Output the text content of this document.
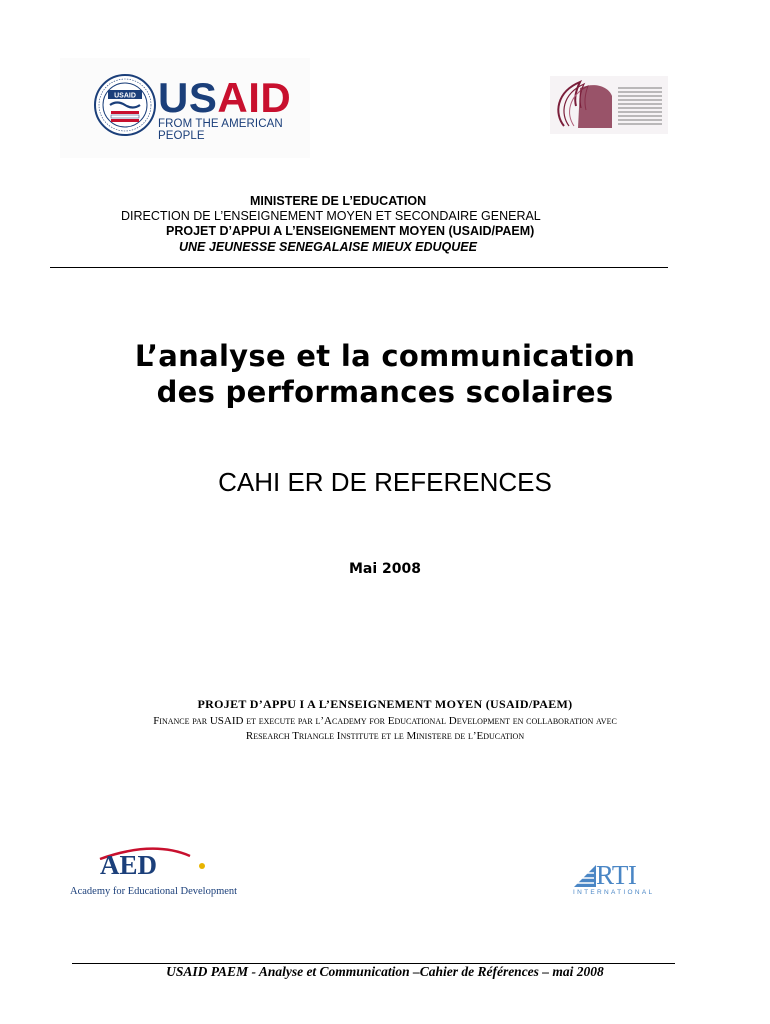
USAID USAID
FROM THE AMERICAN PEOPLE
MINISTERE DE L’EDUCATION
DIRECTION DE L’ENSEIGNEMENT MOYEN ET SECONDAIRE GENERAL
PROJET D’APPUI A L’ENSEIGNEMENT MOYEN (USAID/PAEM)
UNE JEUNESSE SENEGALAISE MIEUX EDUQUEE
L’analyse et la communication
des performances scolaires
CAHI ER DE REFERENCES
Mai 2008
PROJET D’APPU I A L’ENSEIGNEMENT MOYEN (USAID/PAEM)
Finance par USAID et execute par l’Academy for Educational Development en collaboration avec
Research Triangle Institute et le Ministere de l’Education
AED
Academy for Educational Development
RTI
INTERNATIONAL
USAID PAEM - Analyse et Communication –Cahier de Références – mai 2008
